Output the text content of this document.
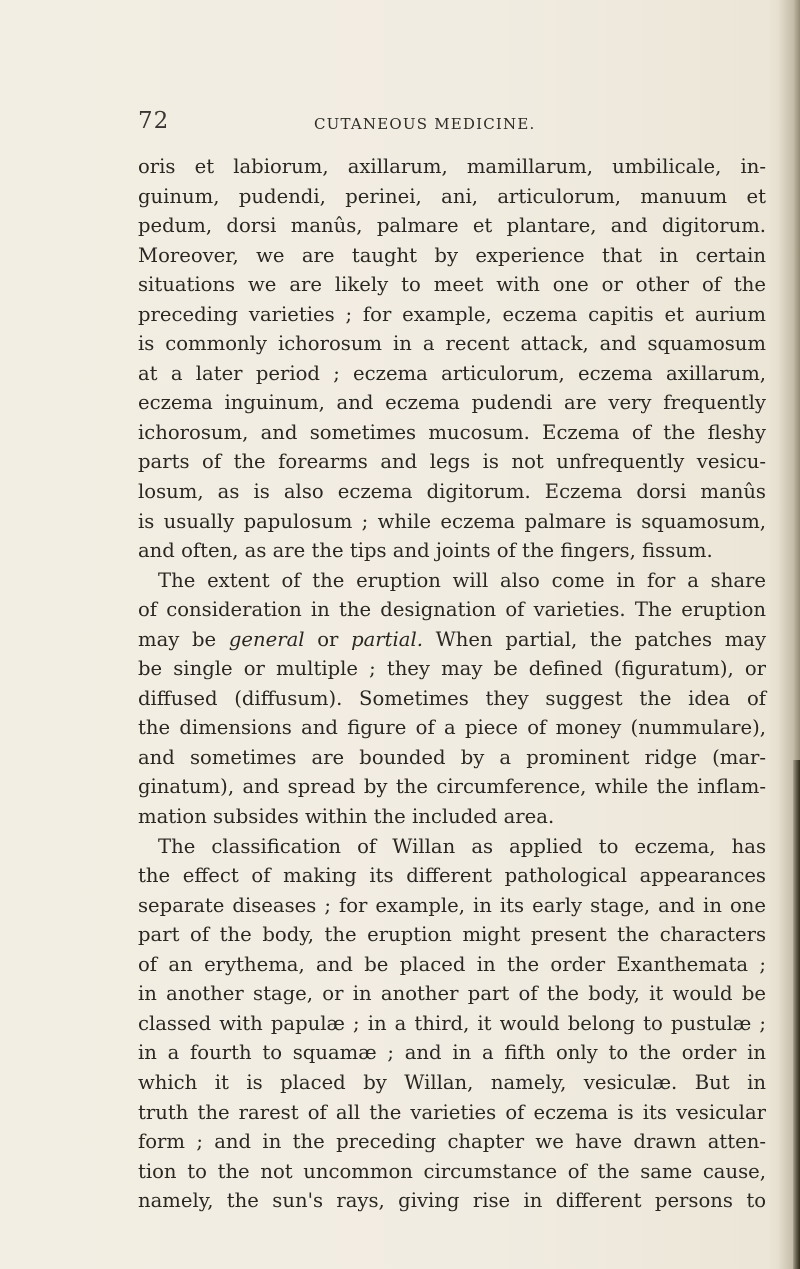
72	CUTANEOUS MEDICINE.
oris et labiorum, axillarum, mamillarum, umbilicale, in-
guinum, pudendi, perinei, ani, articulorum, manuum et
pedum, dorsi manûs, palmare et plantare, and digitorum.
Moreover, we are taught by experience that in certain
situations we are likely to meet with one or other of the
preceding varieties ; for example, eczema capitis et aurium
is commonly ichorosum in a recent attack, and squamosum
at a later period ; eczema articulorum, eczema axillarum,
eczema inguinum, and eczema pudendi are very frequently
ichorosum, and sometimes mucosum. Eczema of the fleshy
parts of the forearms and legs is not unfrequently vesicu-
losum, as is also eczema digitorum. Eczema dorsi manûs
is usually papulosum ; while eczema palmare is squamosum,
and often, as are the tips and joints of the fingers, fissum.
The extent of the eruption will also come in for a share
of consideration in the designation of varieties. The eruption
may be general or partial. When partial, the patches may
be single or multiple ; they may be defined (figuratum), or
diffused (diffusum). Sometimes they suggest the idea of
the dimensions and figure of a piece of money (nummulare),
and sometimes are bounded by a prominent ridge (mar-
ginatum), and spread by the circumference, while the inflam-
mation subsides within the included area.
The classification of Willan as applied to eczema, has
the effect of making its different pathological appearances
separate diseases ; for example, in its early stage, and in one
part of the body, the eruption might present the characters
of an erythema, and be placed in the order Exanthemata ;
in another stage, or in another part of the body, it would be
classed with papulæ ; in a third, it would belong to pustulæ ;
in a fourth to squamæ ; and in a fifth only to the order in
which it is placed by Willan, namely, vesiculæ. But in
truth the rarest of all the varieties of eczema is its vesicular
form ; and in the preceding chapter we have drawn atten-
tion to the not uncommon circumstance of the same cause,
namely, the sun's rays, giving rise in different persons to
